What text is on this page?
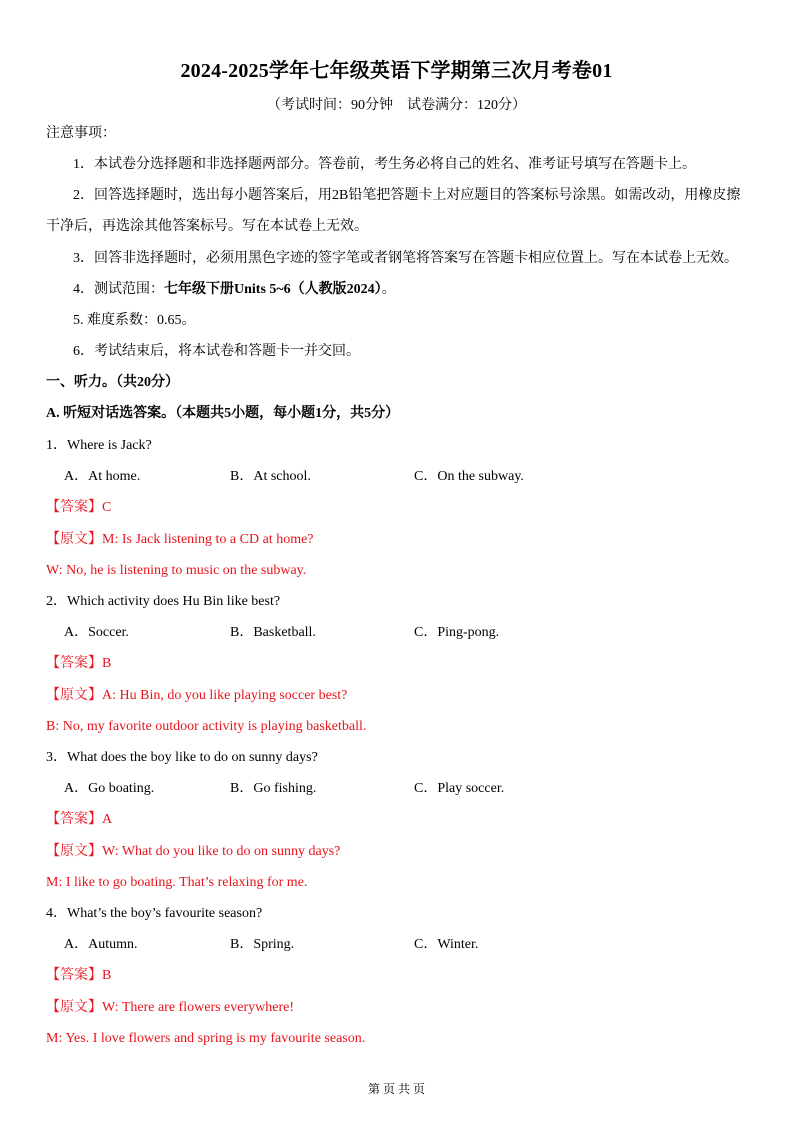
2024-2025学年七年级英语下学期第三次月考卷01
（考试时间：90分钟　试卷满分：120分）
注意事项：
1．本试卷分选择题和非选择题两部分。答卷前，考生务必将自己的姓名、准考证号填写在答题卡上。
2．回答选择题时，选出每小题答案后，用2B铅笔把答题卡上对应题目的答案标号涂黑。如需改动，用橡皮擦
干净后，再选涂其他答案标号。写在本试卷上无效。
3．回答非选择题时，必须用黑色字迹的签字笔或者钢笔将答案写在答题卡相应位置上。写在本试卷上无效。
4．测试范围：七年级下册Units 5~6（人教版2024）。
5. 难度系数：0.65。
6．考试结束后，将本试卷和答题卡一并交回。
一、听力。（共20分）
A. 听短对话选答案。（本题共5小题，每小题1分，共5分）
1．Where is Jack?
A．At home.	B．At school.	C．On the subway.
【答案】C
【原文】M: Is Jack listening to a CD at home?
W: No, he is listening to music on the subway.
2．Which activity does Hu Bin like best?
A．Soccer.	B．Basketball.	C．Ping-pong.
【答案】B
【原文】A: Hu Bin, do you like playing soccer best?
B: No, my favorite outdoor activity is playing basketball.
3．What does the boy like to do on sunny days?
A．Go boating.	B．Go fishing.	C．Play soccer.
【答案】A
【原文】W: What do you like to do on sunny days?
M: I like to go boating. That’s relaxing for me.
4．What’s the boy’s favourite season?
A．Autumn.	B．Spring.	C．Winter.
【答案】B
【原文】W: There are flowers everywhere!
M: Yes. I love flowers and spring is my favourite season.
第 页 共 页
